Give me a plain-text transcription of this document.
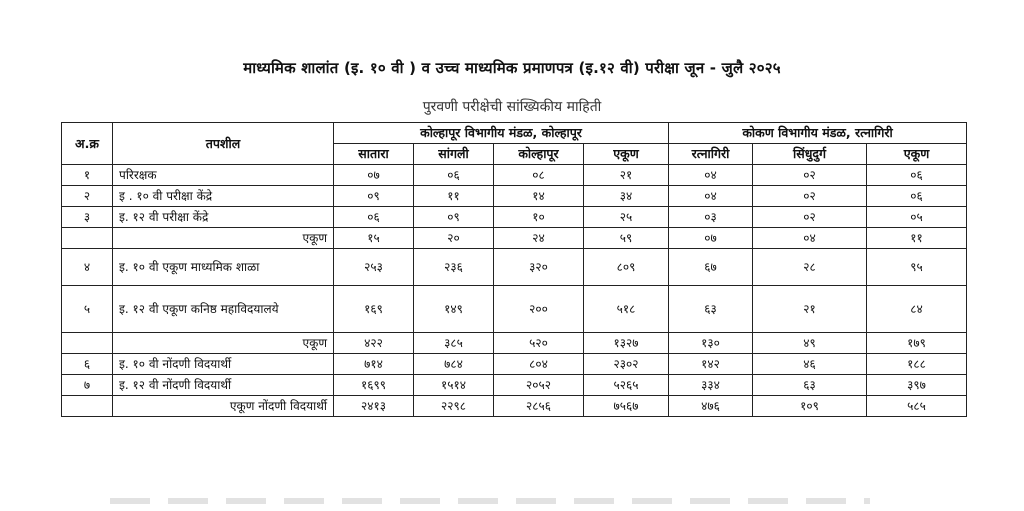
माध्यमिक शालांत (इ. १० वी ) व उच्च माध्यमिक प्रमाणपत्र (इ.१२ वी) परीक्षा जून - जुलै २०२५
पुरवणी परीक्षेची सांख्यिकीय माहिती
अ.क्र	तपशील	कोल्हापूर विभागीय मंडळ, कोल्हापूर				कोकण विभागीय मंडळ, रत्नागिरी		
		सातारा	सांगली	कोल्हापूर	एकूण	रत्नागिरी	सिंधुदुर्ग	एकूण
१	परिरक्षक	०७	०६	०८	२१	०४	०२	०६
२	इ . १० वी परीक्षा केंद्रे	०९	११	१४	३४	०४	०२	०६
३	इ. १२ वी परीक्षा केंद्रे	०६	०९	१०	२५	०३	०२	०५
	एकूण	१५	२०	२४	५९	०७	०४	११
४	इ. १० वी एकूण माध्यमिक शाळा	२५३	२३६	३२०	८०९	६७	२८	९५
५	इ. १२ वी एकूण कनिष्ठ महाविदयालये	१६९	१४९	२००	५१८	६३	२१	८४
	एकूण	४२२	३८५	५२०	१३२७	१३०	४९	१७९
६	इ. १० वी नोंदणी विदयार्थी	७१४	७८४	८०४	२३०२	१४२	४६	१८८
७	इ. १२ वी नोंदणी विदयार्थी	१६९९	१५१४	२०५२	५२६५	३३४	६३	३९७
	एकूण नोंदणी विदयार्थी	२४१३	२२९८	२८५६	७५६७	४७६	१०९	५८५
